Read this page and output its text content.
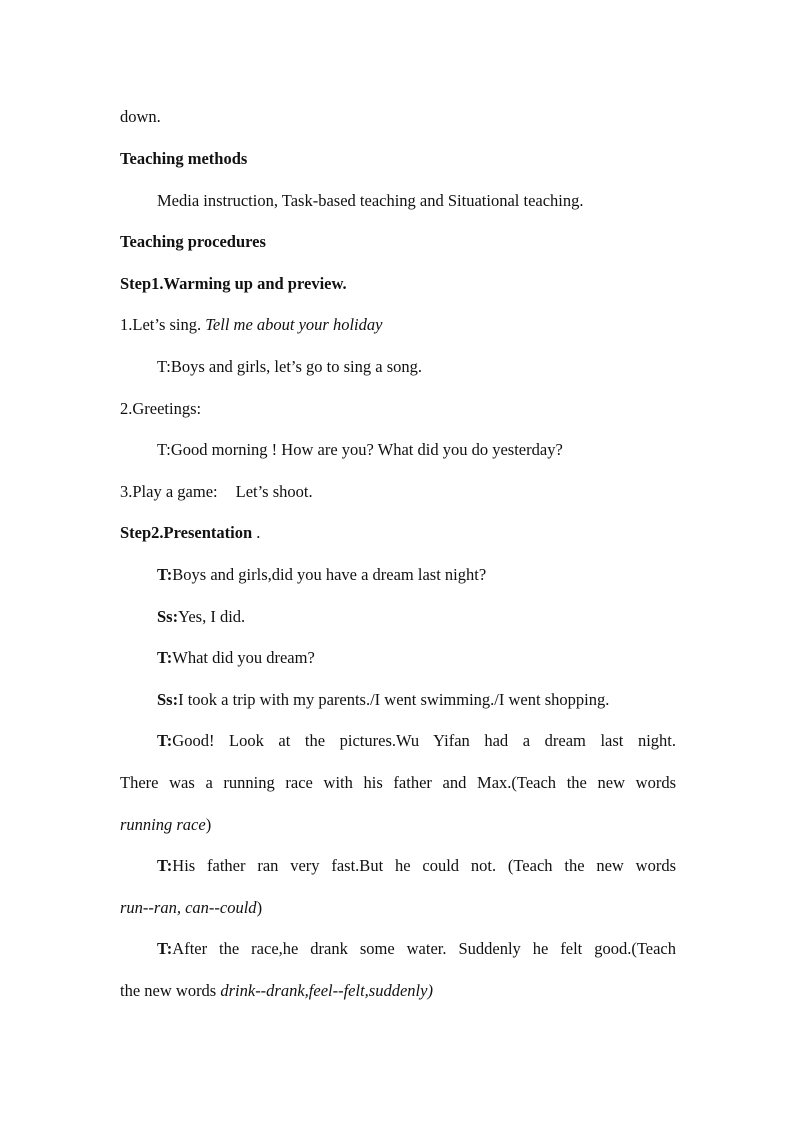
down.
Teaching methods
Media instruction, Task-based teaching and Situational teaching.
Teaching procedures
Step1.Warming up and preview.
1.Let’s sing. Tell me about your holiday
T:Boys and girls, let’s go to sing a song.
2.Greetings:
T:Good morning ! How are you? What did you do yesterday?
3.Play a game: Let’s shoot.
Step2.Presentation .
T:Boys and girls,did you have a dream last night?
Ss:Yes, I did.
T:What did you dream?
Ss:I took a trip with my parents./I went swimming./I went shopping.
T:Good! Look at the pictures.Wu Yifan had a dream last night.
There was a running race with his father and Max.(Teach the new words
running race)
T:His father ran very fast.But he could not. (Teach the new words
run--ran, can--could)
T:After the race,he drank some water. Suddenly he felt good.(Teach
the new words drink--drank,feel--felt,suddenly)
